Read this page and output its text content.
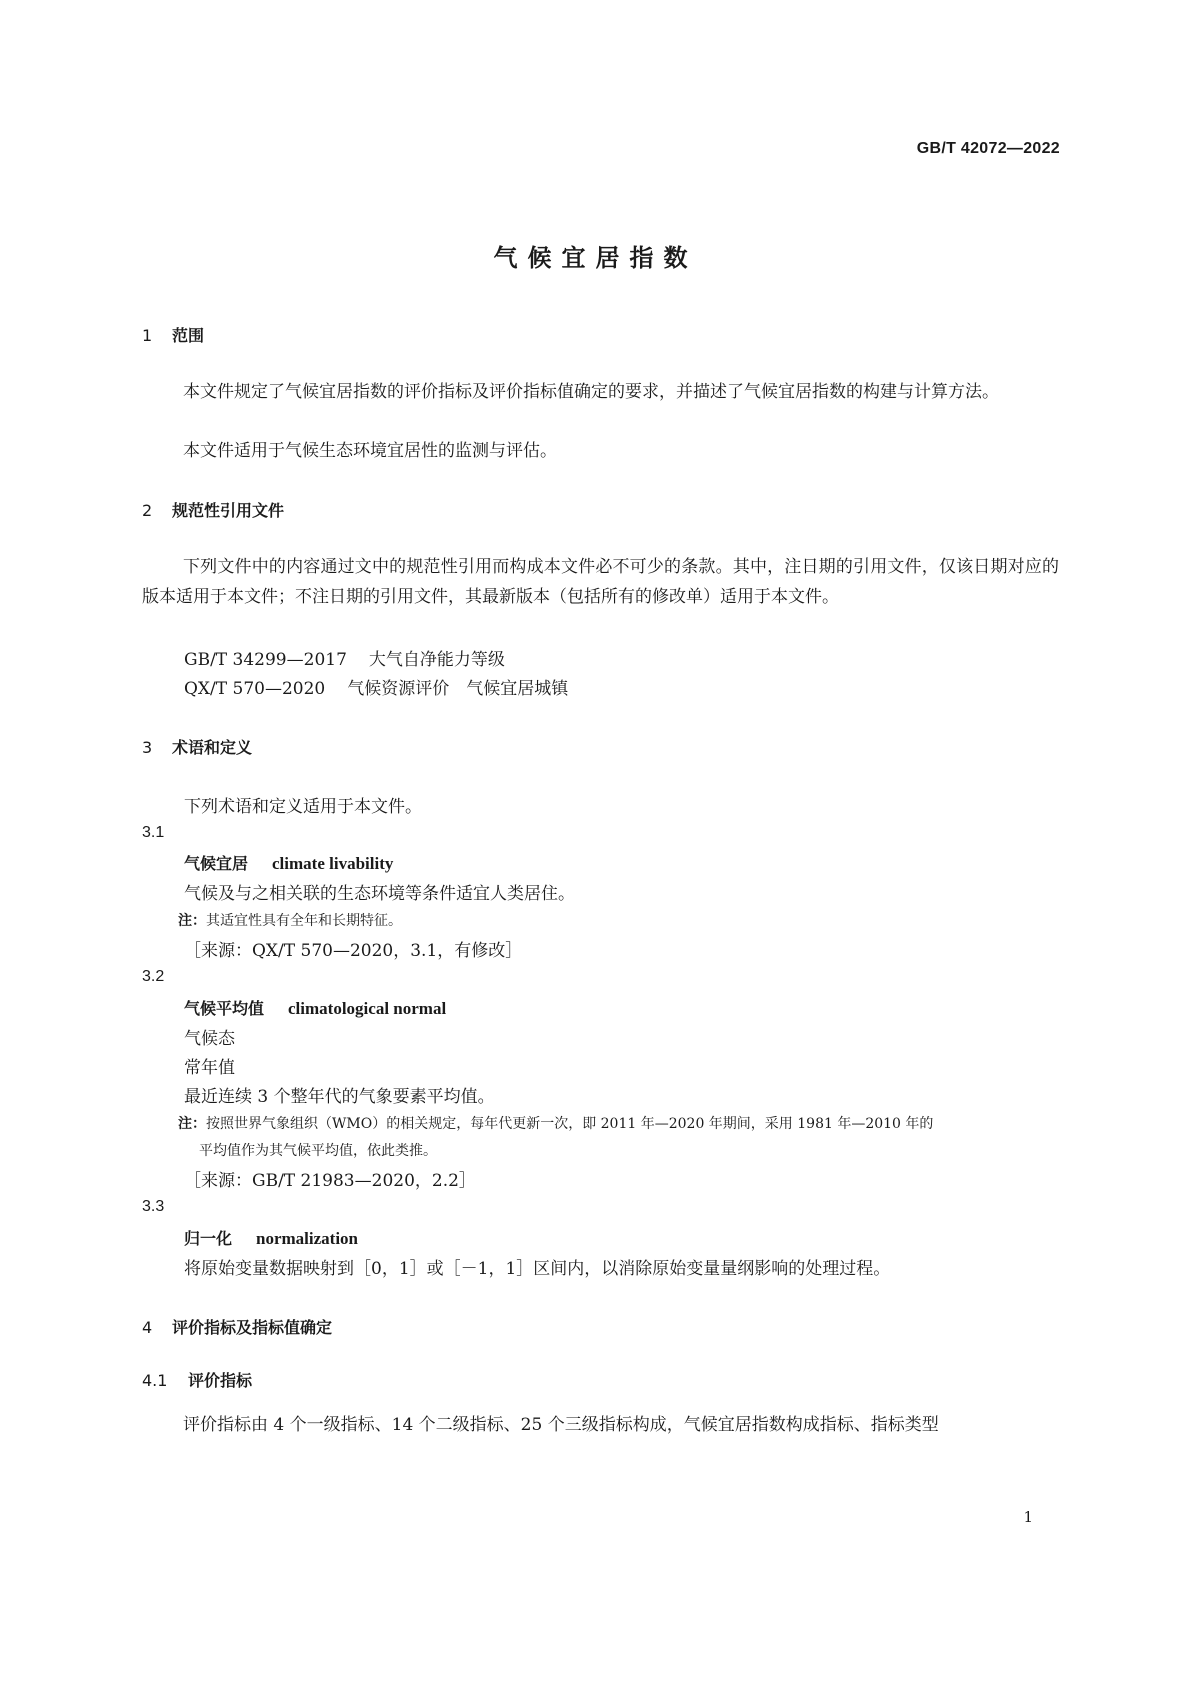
GB/T 42072—2022
气候宜居指数
1 范围
本文件规定了气候宜居指数的评价指标及评价指标值确定的要求，并描述了气候宜居指数的构建与计算方法。
本文件适用于气候生态环境宜居性的监测与评估。
2 规范性引用文件
下列文件中的内容通过文中的规范性引用而构成本文件必不可少的条款。其中，注日期的引用文件，仅该日期对应的版本适用于本文件；不注日期的引用文件，其最新版本（包括所有的修改单）适用于本文件。
GB/T 34299—2017 大气自净能力等级
QX/T 570—2020 气候资源评价　气候宜居城镇
3 术语和定义
下列术语和定义适用于本文件。
3.1
气候宜居 climate livability
气候及与之相关联的生态环境等条件适宜人类居住。
注：其适宜性具有全年和长期特征。
［来源：QX/T 570—2020，3.1，有修改］
3.2
气候平均值 climatological normal
气候态
常年值
最近连续 3 个整年代的气象要素平均值。
注：按照世界气象组织（WMO）的相关规定，每年代更新一次，即 2011 年—2020 年期间，采用 1981 年—2010 年的
平均值作为其气候平均值，依此类推。
［来源：GB/T 21983—2020，2.2］
3.3
归一化 normalization
将原始变量数据映射到［0，1］或［－1，1］区间内，以消除原始变量量纲影响的处理过程。
4 评价指标及指标值确定
4.1 评价指标
评价指标由 4 个一级指标、14 个二级指标、25 个三级指标构成，气候宜居指数构成指标、指标类型
1
